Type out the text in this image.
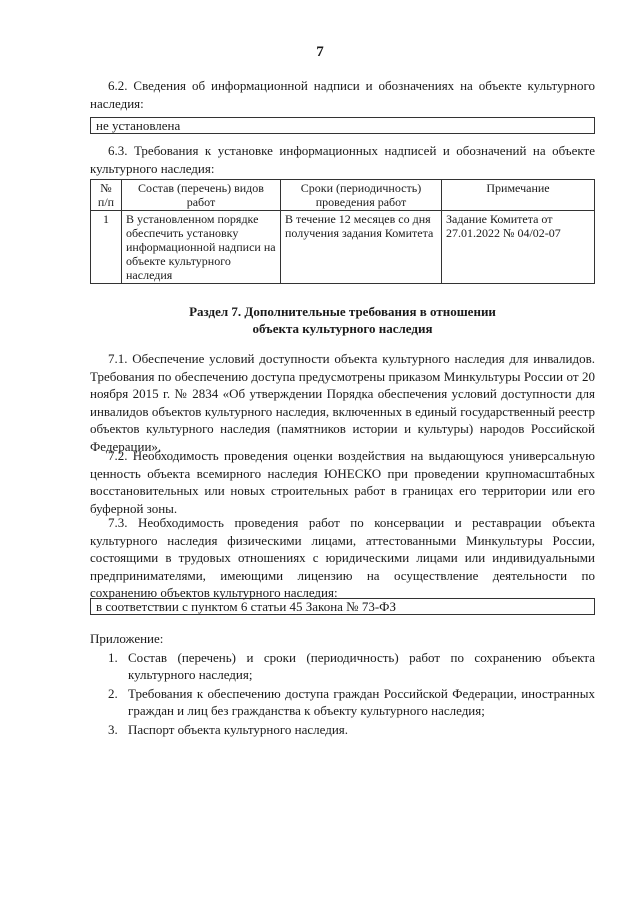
7

6.2. Сведения об информационной надписи и обозначениях на объекте культурного наследия:

не установлена

6.3. Требования к установке информационных надписей и обозначений на объекте культурного наследия:

№ п/п	Состав (перечень) видов работ	Сроки (периодичность) проведения работ	Примечание
1	В установленном порядке обеспечить установку информационной надписи на объекте культурного наследия	В течение 12 месяцев со дня получения задания Комитета	Задание Комитета от 27.01.2022 № 04/02-07
Раздел 7. Дополнительные требования в отношении
объекта культурного наследия

7.1. Обеспечение условий доступности объекта культурного наследия для инвалидов. Требования по обеспечению доступа предусмотрены приказом Минкультуры России от 20 ноября 2015 г. № 2834 «Об утверждении Порядка обеспечения условий доступности для инвалидов объектов культурного наследия, включенных в единый государственный реестр объектов культурного наследия (памятников истории и культуры) народов Российской Федерации».

7.2. Необходимость проведения оценки воздействия на выдающуюся универсальную ценность объекта всемирного наследия ЮНЕСКО при проведении крупномасштабных восстановительных или новых строительных работ в границах его территории или его буферной зоны.

7.3. Необходимость проведения работ по консервации и реставрации объекта культурного наследия физическими лицами, аттестованными Минкультуры России, состоящими в трудовых отношениях с юридическими лицами или индивидуальными предпринимателями, имеющими лицензию на осуществление деятельности по сохранению объектов культурного наследия:

в соответствии с пунктом 6 статьи 45 Закона № 73-ФЗ
Приложение:
1. Состав (перечень) и сроки (периодичность) работ по сохранению объекта культурного наследия;
2. Требования к обеспечению доступа граждан Российской Федерации, иностранных граждан и лиц без гражданства к объекту культурного наследия;
3. Паспорт объекта культурного наследия.
